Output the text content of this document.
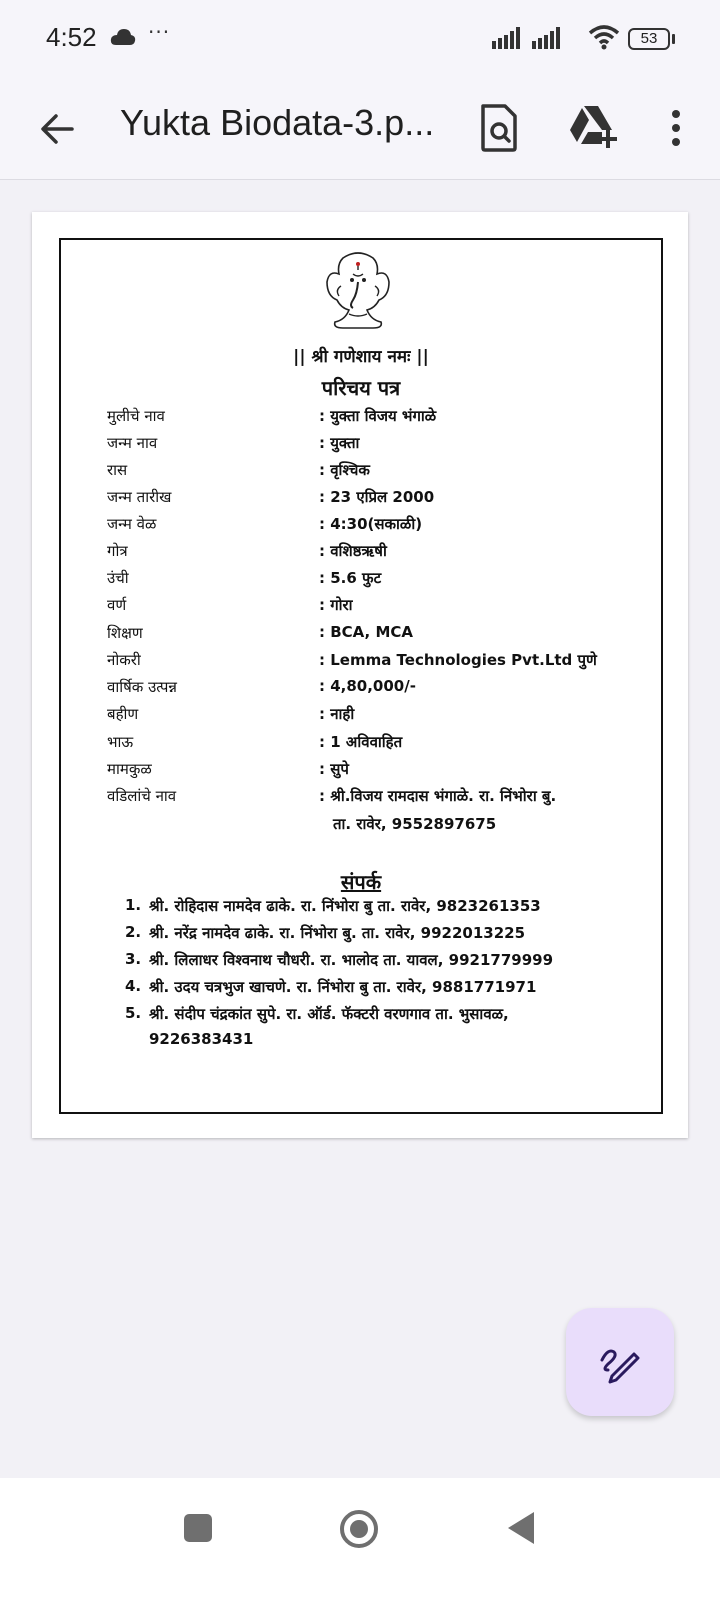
4:52	···	53
Yukta Biodata-3.p...
|| श्री गणेशाय नमः ||
परिचय पत्र
मुलीचे नाव	: युक्ता विजय भंगाळे
जन्म नाव	: युक्ता
रास	: वृश्चिक
जन्म तारीख	: 23 एप्रिल 2000
जन्म वेळ	: 4:30(सकाळी)
गोत्र	: वशिष्ठऋषी
उंची	: 5.6 फुट
वर्ण	: गोरा
शिक्षण	: BCA, MCA
नोकरी	: Lemma Technologies Pvt.Ltd पुणे
वार्षिक उत्पन्न	: 4,80,000/-
बहीण	: नाही
भाऊ	: 1 अविवाहित
मामकुळ	: सुपे
वडिलांचे नाव	: श्री.विजय रामदास भंगाळे. रा. निंभोरा बु.
ता. रावेर, 9552897675
संपर्क
1. श्री. रोहिदास नामदेव ढाके. रा. निंभोरा बु ता. रावेर, 9823261353
2. श्री. नरेंद्र नामदेव ढाके. रा. निंभोरा बु. ता. रावेर, 9922013225
3. श्री. लिलाधर विश्वनाथ चौधरी. रा. भालोद ता. यावल, 9921779999
4. श्री. उदय चत्रभुज खाचणे. रा. निंभोरा बु ता. रावेर, 9881771971
5. श्री. संदीप चंद्रकांत सुपे. रा. ऑर्ड. फॅक्टरी वरणगाव ता. भुसावळ,
9226383431
